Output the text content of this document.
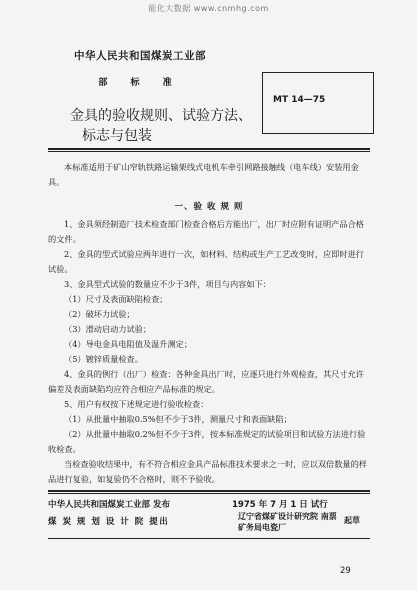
能化大数据 www.cnmhg.com
中华人民共和国煤炭工业部
部 标 准
金具的验收规则、试验方法、
标志与包装
MT 14—75

本标准适用于矿山窄轨铁路运输架线式电机车牵引网路接触线（电车线）安装用金具。

一、验 收 规 则

1、金具须经制造厂技术检查部门检查合格后方能出厂，出厂时应附有证明产品合格的文件。

2、金具的型式试验应两年进行一次，如材料、结构或生产工艺改变时，应即时进行试验。

3、金具型式试验的数量应不少于3件，项目与内容如下：

（1）尺寸及表面缺陷检查；

（2）破坏力试验；

（3）滑动启动力试验；

（4）导电金具电阻值及温升测定；

（5）镀锌质量检查。

4、金具的例行（出厂）检查：各种金具出厂时，应逐只进行外观检查，其尺寸允许偏差及表面缺陷均应符合相应产品标准的规定。

5、用户有权按下述规定进行验收检查：

（1）从批量中抽取0.5%但不少于3件，测量尺寸和表面缺陷；

（2）从批量中抽取0.2%但不少于3件，按本标准规定的试验项目和试验方法进行验收检查。

当检查验收结果中，有不符合相应金具产品标准技术要求之一时，应以双倍数量的样品进行复验，如复验仍不合格时，则不予验收。

中华人民共和国煤炭工业部 发布
煤 炭 规 划 设 计 院 提出
1975 年 7 月 1 日 试行
辽宁省煤矿设计研究院 南票矿务局电瓷厂
起草
29
